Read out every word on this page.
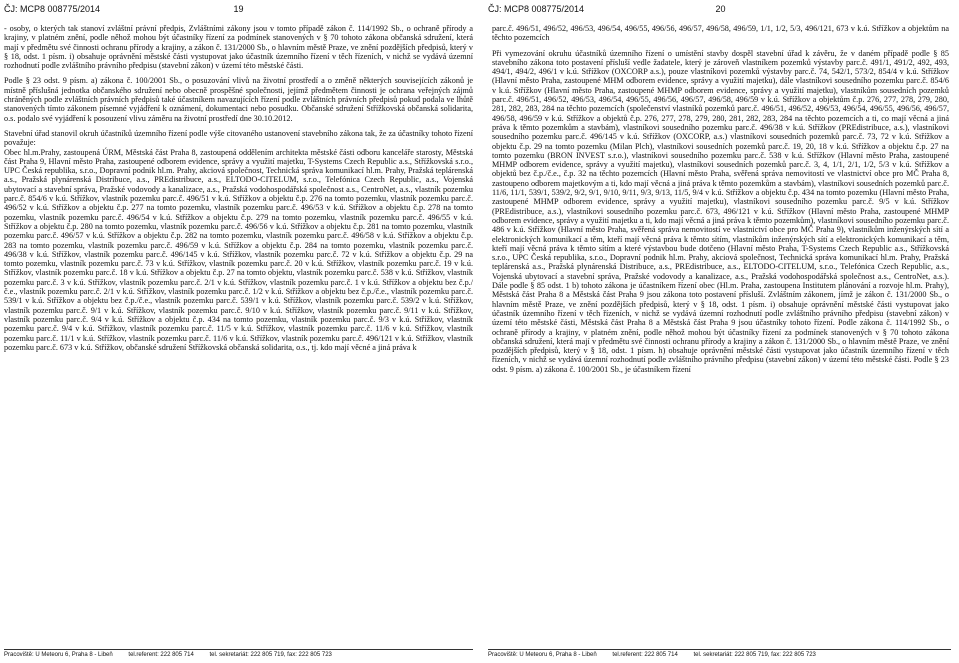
ČJ: MCP8 008775/2014	19

- osoby, o kterých tak stanoví zvláštní právní předpis, Zvláštními zákony jsou v tomto případě zákon č. 114/1992 Sb., o ochraně přírody a krajiny, v platném znění, podle něhož mohou být účastníky řízení za podmínek stanovených v § 70 tohoto zákona občanská sdružení, která mají v předmětu své činnosti ochranu přírody a krajiny, a zákon č. 131/2000 Sb., o hlavním městě Praze, ve znění pozdějších předpisů, který v § 18, odst. 1 písm. i) obsahuje oprávnění městské části vystupovat jako účastník územního řízení v těch řízeních, v nichž se vydává územní rozhodnutí podle zvláštního právního předpisu (stavební zákon) v území této městské části.

Podle § 23 odst. 9 písm. a) zákona č. 100/2001 Sb., o posuzování vlivů na životní prostředí a o změně některých souvisejících zákonů je místně příslušná jednotka občanského sdružení nebo obecně prospěšné společnosti, jejímž předmětem činnosti je ochrana veřejných zájmů chráněných podle zvláštních právních předpisů také účastníkem navazujících řízení podle zvláštních právních předpisů pokud podala ve lhůtě stanovených tímto zákonem písemné vyjádření k oznámení, dokumentaci nebo posudku. Občanské sdružení Střížkovská občanská solidarita, o.s. podalo své vyjádření k posouzení vlivu záměru na životní prostředí dne 30.10.2012.

Stavební úřad stanovil okruh účastníků územního řízení podle výše citovaného ustanovení stavebního zákona tak, že za účastníky tohoto řízení považuje:

Obec hl.m.Prahy, zastoupená ÚRM, Městská část Praha 8, zastoupená oddělením architekta městské části odboru kanceláře starosty, Městská část Praha 9, Hlavní město Praha, zastoupené odborem evidence, správy a využití majetku, T-Systems Czech Republic a.s., Střížkovská s.r.o., UPC Česká republika, s.r.o., Dopravní podnik hl.m. Prahy, akciová společnost, Technická správa komunikací hl.m. Prahy, Pražská teplárenská a.s., Pražská plynárenská Distribuce, a.s., PREdistribuce, a.s., ELTODO-CITELUM, s.r.o., Telefónica Czech Republic, a.s., Vojenská ubytovací a stavební správa, Pražské vodovody a kanalizace, a.s., Pražská vodohospodářská společnost a.s., CentroNet, a.s., vlastník pozemku parc.č. 854/6 v k.ú. Střížkov, vlastník pozemku parc.č. 496/51 v k.ú. Střížkov a objektu č.p. 276 na tomto pozemku, vlastník pozemku parc.č. 496/52 v k.ú. Střížkov a objektu č.p. 277 na tomto pozemku, vlastník pozemku parc.č. 496/53 v k.ú. Střížkov a objektu č.p. 278 na tomto pozemku, vlastník pozemku parc.č. 496/54 v k.ú. Střížkov a objektu č.p. 279 na tomto pozemku, vlastník pozemku parc.č. 496/55 v k.ú. Střížkov a objektu č.p. 280 na tomto pozemku, vlastník pozemku parc.č. 496/56 v k.ú. Střížkov a objektu č.p. 281 na tomto pozemku, vlastník pozemku parc.č. 496/57 v k.ú. Střížkov a objektu č.p. 282 na tomto pozemku, vlastník pozemku parc.č. 496/58 v k.ú. Střížkov a objektu č.p. 283 na tomto pozemku, vlastník pozemku parc.č. 496/59 v k.ú. Střížkov a objektu č.p. 284 na tomto pozemku, vlastník pozemku parc.č. 496/38 v k.ú. Střížkov, vlastník pozemku parc.č. 496/145 v k.ú. Střížkov, vlastník pozemku parc.č. 72 v k.ú. Střížkov a objektu č.p. 29 na tomto pozemku, vlastník pozemku parc.č. 73 v k.ú. Střížkov, vlastník pozemku parc.č. 20 v k.ú. Střížkov, vlastník pozemku parc.č. 19 v k.ú. Střížkov, vlastník pozemku parc.č. 18 v k.ú. Střížkov a objektu č.p. 27 na tomto objektu, vlastník pozemku parc.č. 538 v k.ú. Střížkov, vlastník pozemku parc.č. 3 v k.ú. Střížkov, vlastník pozemku parc.č. 2/1 v k.ú. Střížkov, vlastník pozemku parc.č. 1 v k.ú. Střížkov a objektu bez č.p./č.e., vlastník pozemku parc.č. 2/1 v k.ú. Střížkov, vlastník pozemku parc.č. 1/2 v k.ú. Střížkov a objektu bez č.p./č.e., vlastník pozemku parc.č. 539/1 v k.ú. Střížkov a objektu bez č.p./č.e., vlastník pozemku parc.č. 539/1 v k.ú. Střížkov, vlastník pozemku parc.č. 539/2 v k.ú. Střížkov, vlastník pozemku parc.č. 9/1 v k.ú. Střížkov, vlastník pozemku parc.č. 9/10 v k.ú. Střížkov, vlastník pozemku parc.č. 9/11 v k.ú. Střížkov, vlastník pozemku parc.č. 9/4 v k.ú. Střížkov a objektu č.p. 434 na tomto pozemku, vlastník pozemku parc.č. 9/3 v k.ú. Střížkov, vlastník pozemku parc.č. 9/4 v k.ú. Střížkov, vlastník pozemku parc.č. 11/5 v k.ú. Střížkov, vlastník pozemku parc.č. 11/6 v k.ú. Střížkov, vlastník pozemku parc.č. 11/1 v k.ú. Střížkov, vlastník pozemku parc.č. 11/6 v k.ú. Střížkov, vlastník pozemku parc.č. 496/121 v k.ú. Střížkov, vlastník pozemku parc.č. 673 v k.ú. Střížkov, občanské sdružení Střížkovská občanská solidarita, o.s., tj. kdo mají věcné a jiná práva k

Pracoviště: U Meteoru 6, Praha 8 - Libeň	tel.referent: 222 805 714	tel. sekretariát: 222 805 719, fax: 222 805 723
ČJ: MCP8 008775/2014	20

parc.č. 496/51, 496/52, 496/53, 496/54, 496/55, 496/56, 496/57, 496/58, 496/59, 1/1, 1/2, 5/3, 496/121, 673 v k.ú. Střížkov a objektům na těchto pozemcích

Při vymezování okruhu účastníků územního řízení o umístění stavby dospěl stavební úřad k závěru, že v daném případě podle § 85 stavebního zákona toto postavení přísluší vedle žadatele, který je zároveň vlastníkem pozemků výstavby parc.č. 491/1, 491/2, 492, 493, 494/1, 494/2, 496/1 v k.ú. Střížkov (OXCORP a.s.), pouze vlastníkovi pozemků výstavby parc.č. 74, 542/1, 573/2, 854/4 v k.ú. Střížkov (Hlavní město Praha, zastoupené MHM odborem evidence, správy a využití majetku), dále vlastníkovi sousedního pozemku parc.č. 854/6 v k.ú. Střížkov (Hlavní město Praha, zastoupené MHMP odborem evidence, správy a využití majetku), vlastníkům sousedních pozemků parc.č. 496/51, 496/52, 496/53, 496/54, 496/55, 496/56, 496/57, 496/58, 496/59 v k.ú. Střížkov a objektům č.p. 276, 277, 278, 279, 280, 281, 282, 283, 284 na těchto pozemcích (společenství vlastníků pozemků parc.č. 496/51, 496/52, 496/53, 496/54, 496/55, 496/56, 496/57, 496/58, 496/59 v k.ú. Střížkov a objektů č.p. 276, 277, 278, 279, 280, 281, 282, 283, 284 na těchto pozemcích a ti, co mají věcná a jiná práva k těmto pozemkům a stavbám), vlastníkovi sousedního pozemku parc.č. 496/38 v k.ú. Střížkov (PREdistribuce, a.s.), vlastníkovi sousedního pozemku parc.č. 496/145 v k.ú. Střížkov (OXCORP, a.s.) vlastníkovi sousedních pozemků parc.č. 73, 72 v k.ú. Střížkov a objektu č.p. 29 na tomto pozemku (Milan Plch), vlastníkovi sousedních pozemků parc.č. 19, 20, 18 v k.ú. Střížkov a objektu č.p. 27 na tomto pozemku (BRON INVEST s.r.o.), vlastníkovi sousedního pozemku parc.č. 538 v k.ú. Střížkov (Hlavní město Praha, zastoupené MHMP odborem evidence, správy a využití majetku), vlastníkovi sousedních pozemků parc.č. 3, 4, 1/1, 2/1, 1/2, 5/3 v k.ú. Střížkov a objektů bez č.p./č.e., č.p. 32 na těchto pozemcích (Hlavní město Praha, svěřená správa nemovitostí ve vlastnictví obce pro MČ Praha 8, zastoupeno odborem majetkovým a ti, kdo mají věcná a jiná práva k těmto pozemkům a stavbám), vlastníkovi sousedních pozemků parc.č. 11/6, 11/1, 539/1, 539/2, 9/2, 9/1, 9/10, 9/11, 9/3, 9/13, 11/5, 9/4 v k.ú. Střížkov a objektu č.p. 434 na tomto pozemku (Hlavní město Praha, zastoupené MHMP odborem evidence, správy a využití majetku), vlastníkovi sousedního pozemku parc.č. 9/5 v k.ú. Střížkov (PREdistribuce, a.s.), vlastníkovi sousedního pozemku parc.č. 673, 496/121 v k.ú. Střížkov (Hlavní město Praha, zastoupené MHMP odborem evidence, správy a využití majetku a ti, kdo mají věcná a jiná práva k těmto pozemkům), vlastníkovi sousedního pozemku parc.č. 486 v k.ú. Střížkov (Hlavní město Praha, svěřená správa nemovitostí ve vlastnictví obce pro MČ Praha 9), vlastníkům inženýrských sítí a elektronických komunikací a těm, kteří mají věcná práva k těmto sítím, vlastníkům inženýrských sítí a elektronických komunikací a těm, kteří mají věcná práva k těmto sítím a které výstavbou bude dotčeno (Hlavní město Praha, T-Systems Czech Republic a.s., Střížkovská s.r.o., UPC Česká republika, s.r.o., Dopravní podnik hl.m. Prahy, akciová společnost, Technická správa komunikací hl.m. Prahy, Pražská teplárenská a.s., Pražská plynárenská Distribuce, a.s., PREdistribuce, a.s., ELTODO-CITELUM, s.r.o., Telefónica Czech Republic, a.s., Vojenská ubytovací a stavební správa, Pražské vodovody a kanalizace, a.s., Pražská vodohospodářská společnost a.s., CentroNet, a.s.). Dále podle § 85 odst. 1 b) tohoto zákona je účastníkem řízení obec (Hl.m. Praha, zastoupena Institutem plánování a rozvoje hl.m. Prahy), Městská část Praha 8 a Městská část Praha 9 jsou zákona toto postavení přísluší. Zvláštním zákonem, jímž je zákon č. 131/2000 Sb., o hlavním městě Praze, ve znění pozdějších předpisů, který v § 18, odst. 1 písm. i) obsahuje oprávnění městské části vystupovat jako účastník územního řízení v těch řízeních, v nichž se vydává územní rozhodnutí podle zvláštního právního předpisu (stavební zákon) v území této městské části, Městská část Praha 8 a Městská část Praha 9 jsou účastníky tohoto řízení. Podle zákona č. 114/1992 Sb., o ochraně přírody a krajiny, v platném znění, podle něhož mohou být účastníky řízení za podmínek stanovených v § 70 tohoto zákona občanská sdružení, která mají v předmětu své činnosti ochranu přírody a krajiny a zákon č. 131/2000 Sb., o hlavním městě Praze, ve znění pozdějších předpisů, který v § 18, odst. 1 písm. h) obsahuje oprávnění městské části vystupovat jako účastník územního řízení v těch řízeních, v nichž se vydává územní rozhodnutí podle zvláštního právního předpisu (stavební zákon) v území této městské části. Podle § 23 odst. 9 písm. a) zákona č. 100/2001 Sb., je účastníkem řízení

Pracoviště: U Meteoru 6, Praha 8 - Libeň	tel.referent: 222 805 714	tel. sekretariát: 222 805 719, fax: 222 805 723
